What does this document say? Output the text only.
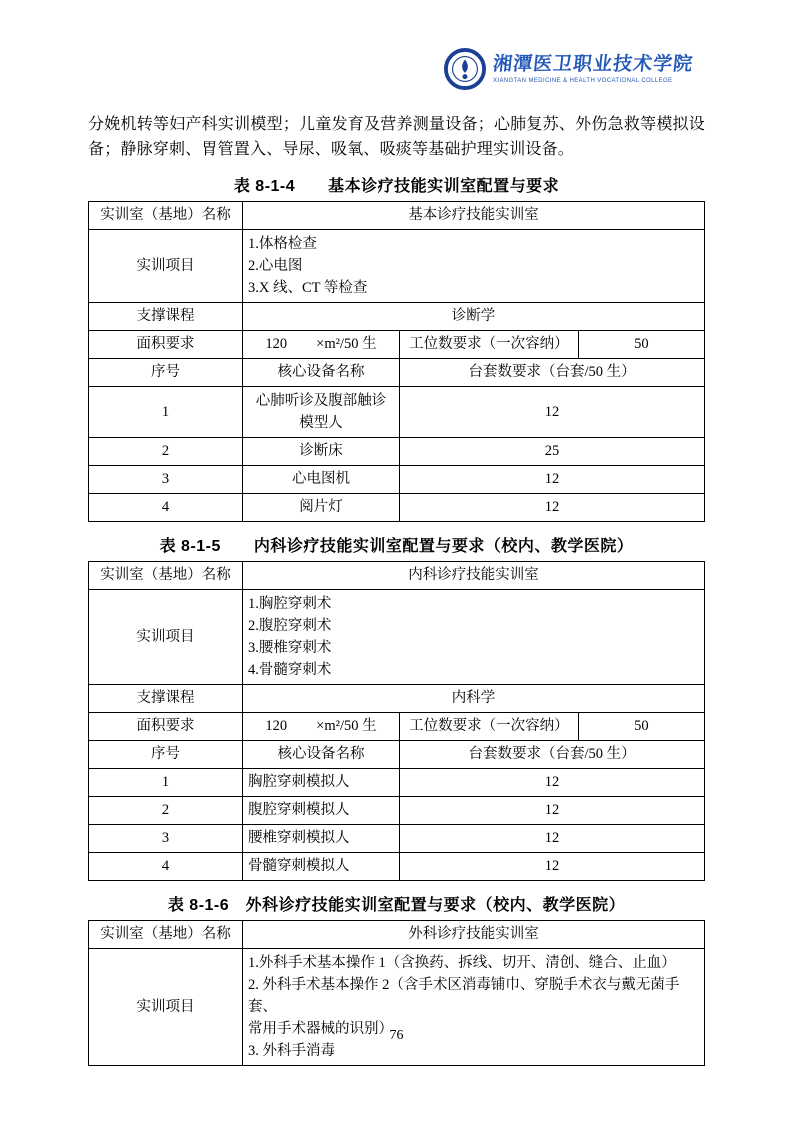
湘潭医卫职业技术学院
XIANGTAN MEDICINE & HEALTH VOCATIONAL COLLEGE

分娩机转等妇产科实训模型；儿童发育及营养测量设备；心肺复苏、外伤急救等模拟设备；静脉穿刺、胃管置入、导尿、吸氧、吸痰等基础护理实训设备。

表 8-1-4　　基本诊疗技能实训室配置与要求
实训室（基地）名称	基本诊疗技能实训室		
实训项目	1.体格检查
2.心电图
3.X 线、CT 等检查		

支撑课程	诊断学		
面积要求	120　　×m²/50 生	工位数要求（一次容纳）	50
序号	核心设备名称	台套数要求（台套/50 生）	
1	心肺听诊及腹部触诊
模型人	12	
2	诊断床	25	
3	心电图机	12	
4	阅片灯	12	
表 8-1-5　　内科诊疗技能实训室配置与要求（校内、教学医院）
实训室（基地）名称	内科诊疗技能实训室		
实训项目	1.胸腔穿刺术
2.腹腔穿刺术
3.腰椎穿刺术
4.骨髓穿刺术		

支撑课程	内科学		
面积要求	120　　×m²/50 生	工位数要求（一次容纳）	50
序号	核心设备名称	台套数要求（台套/50 生）	
1	胸腔穿刺模拟人	12	
2	腹腔穿刺模拟人	12	
3	腰椎穿刺模拟人	12	
4	骨髓穿刺模拟人	12	
表 8-1-6　外科诊疗技能实训室配置与要求（校内、教学医院）
实训室（基地）名称	外科诊疗技能实训室
实训项目	1.外科手术基本操作 1（含换药、拆线、切开、清创、缝合、止血）
2. 外科手术基本操作 2（含手术区消毒铺巾、穿脱手术衣与戴无菌手套、
常用手术器械的识别）
3. 外科手消毒
76
